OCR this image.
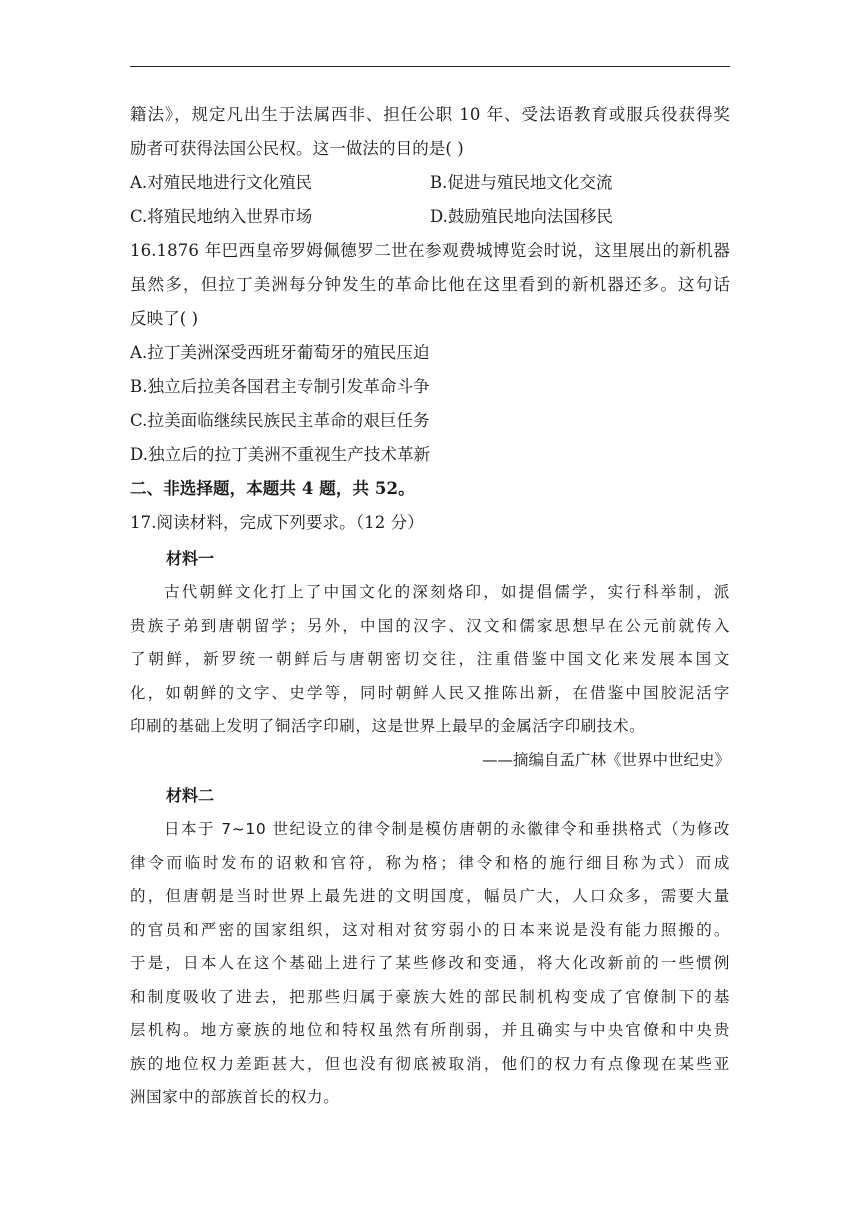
籍法》，规定凡出生于法属西非、担任公职 10 年、受法语教育或服兵役获得奖
励者可获得法国公民权。这一做法的目的是( )
A.对殖民地进行文化殖民	B.促进与殖民地文化交流
C.将殖民地纳入世界市场	D.鼓励殖民地向法国移民
16.1876 年巴西皇帝罗姆佩德罗二世在参观费城博览会时说，这里展出的新机器
虽然多，但拉丁美洲每分钟发生的革命比他在这里看到的新机器还多。这句话
反映了( )
A.拉丁美洲深受西班牙葡萄牙的殖民压迫
B.独立后拉美各国君主专制引发革命斗争
C.拉美面临继续民族民主革命的艰巨任务
D.独立后的拉丁美洲不重视生产技术革新
二、非选择题，本题共 4 题，共 52。
17.阅读材料，完成下列要求。（12 分）
材料一
古代朝鲜文化打上了中国文化的深刻烙印，如提倡儒学，实行科举制，派
贵族子弟到唐朝留学；另外，中国的汉字、汉文和儒家思想早在公元前就传入
了朝鲜，新罗统一朝鲜后与唐朝密切交往，注重借鉴中国文化来发展本国文
化，如朝鲜的文字、史学等，同时朝鲜人民又推陈出新，在借鉴中国胶泥活字
印刷的基础上发明了铜活字印刷，这是世界上最早的金属活字印刷技术。
——摘编自孟广林《世界中世纪史》
材料二
日本于 7~10 世纪设立的律令制是模仿唐朝的永徽律令和垂拱格式（为修改
律令而临时发布的诏敕和官符，称为格；律令和格的施行细目称为式）而成
的，但唐朝是当时世界上最先进的文明国度，幅员广大，人口众多，需要大量
的官员和严密的国家组织，这对相对贫穷弱小的日本来说是没有能力照搬的。
于是，日本人在这个基础上进行了某些修改和变通，将大化改新前的一些惯例
和制度吸收了进去，把那些归属于豪族大姓的部民制机构变成了官僚制下的基
层机构。地方豪族的地位和特权虽然有所削弱，并且确实与中央官僚和中央贵
族的地位权力差距甚大，但也没有彻底被取消，他们的权力有点像现在某些亚
洲国家中的部族首长的权力。
